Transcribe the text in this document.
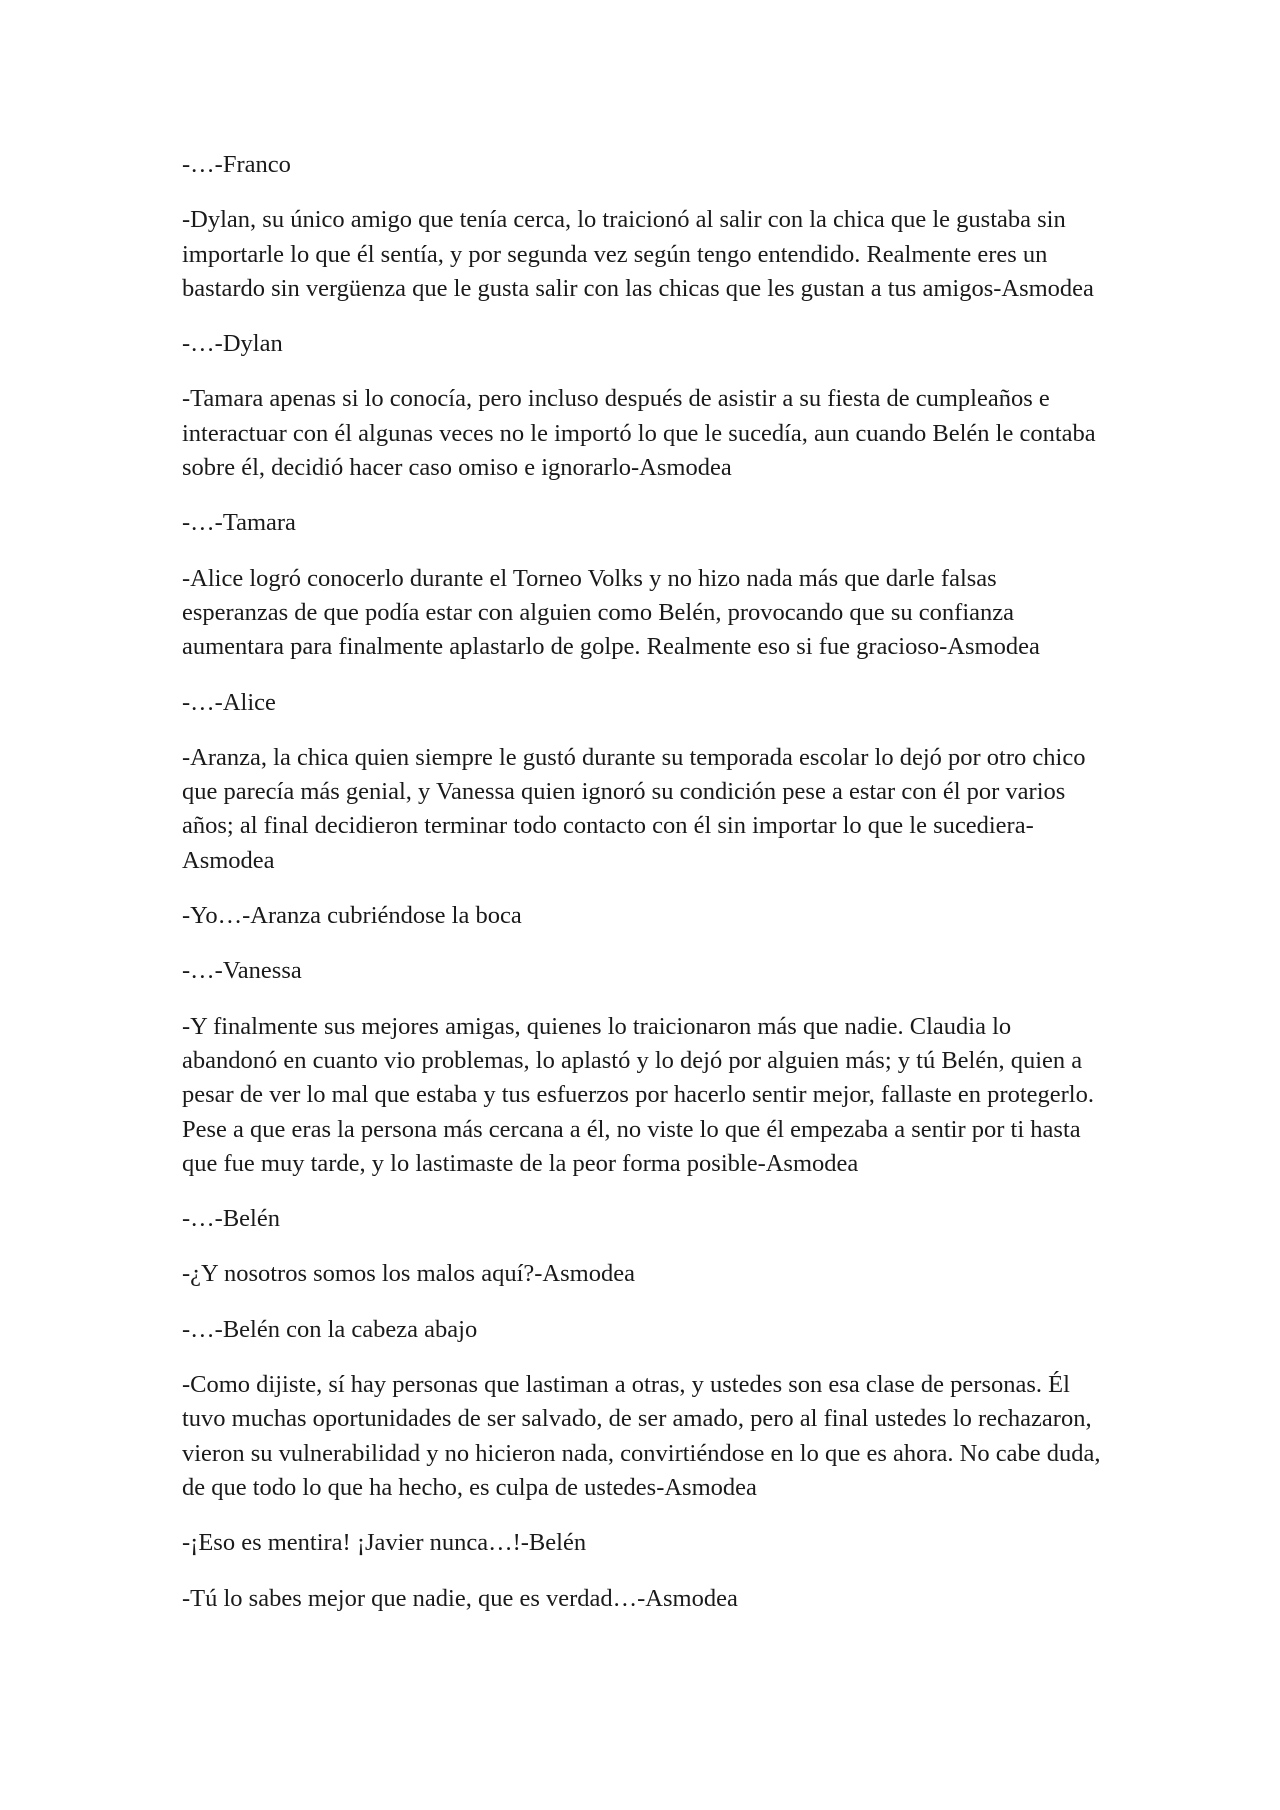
-…-Franco

-Dylan, su único amigo que tenía cerca, lo traicionó al salir con la chica que le gustaba sin importarle lo que él sentía, y por segunda vez según tengo entendido. Realmente eres un bastardo sin vergüenza que le gusta salir con las chicas que les gustan a tus amigos-Asmodea

-…-Dylan

-Tamara apenas si lo conocía, pero incluso después de asistir a su fiesta de cumpleaños e interactuar con él algunas veces no le importó lo que le sucedía, aun cuando Belén le contaba sobre él, decidió hacer caso omiso e ignorarlo-Asmodea

-…-Tamara

-Alice logró conocerlo durante el Torneo Volks y no hizo nada más que darle falsas esperanzas de que podía estar con alguien como Belén, provocando que su confianza aumentara para finalmente aplastarlo de golpe. Realmente eso si fue gracioso-Asmodea

-…-Alice

-Aranza, la chica quien siempre le gustó durante su temporada escolar lo dejó por otro chico que parecía más genial, y Vanessa quien ignoró su condición pese a estar con él por varios años; al final decidieron terminar todo contacto con él sin importar lo que le sucediera-Asmodea

-Yo…-Aranza cubriéndose la boca

-…-Vanessa

-Y finalmente sus mejores amigas, quienes lo traicionaron más que nadie. Claudia lo abandonó en cuanto vio problemas, lo aplastó y lo dejó por alguien más; y tú Belén, quien a pesar de ver lo mal que estaba y tus esfuerzos por hacerlo sentir mejor, fallaste en protegerlo. Pese a que eras la persona más cercana a él, no viste lo que él empezaba a sentir por ti hasta que fue muy tarde, y lo lastimaste de la peor forma posible-Asmodea

-…-Belén

-¿Y nosotros somos los malos aquí?-Asmodea

-…-Belén con la cabeza abajo

-Como dijiste, sí hay personas que lastiman a otras, y ustedes son esa clase de personas. Él tuvo muchas oportunidades de ser salvado, de ser amado, pero al final ustedes lo rechazaron, vieron su vulnerabilidad y no hicieron nada, convirtiéndose en lo que es ahora. No cabe duda, de que todo lo que ha hecho, es culpa de ustedes-Asmodea

-¡Eso es mentira! ¡Javier nunca…!-Belén

-Tú lo sabes mejor que nadie, que es verdad…-Asmodea
